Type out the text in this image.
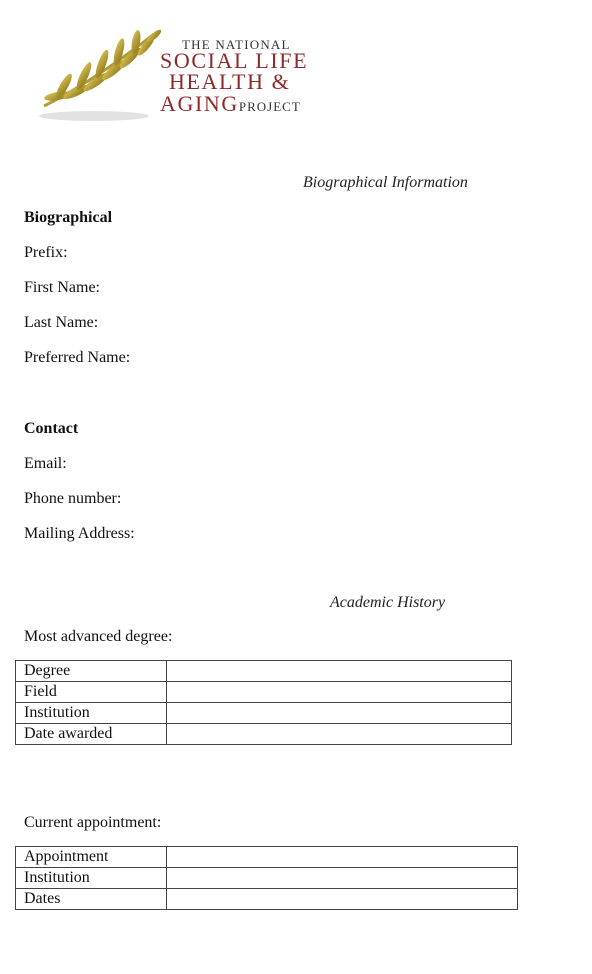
THE NATIONAL
SOCIAL LIFE
HEALTH &
AGINGPROJECT
Biographical Information
Biographical
Prefix:
First Name:
Last Name:
Preferred Name:
Contact
Email:
Phone number:
Mailing Address:
Academic History
Most advanced degree:
Degree	
Field	
Institution	
Date awarded	
Current appointment:
Appointment	
Institution	
Dates	
